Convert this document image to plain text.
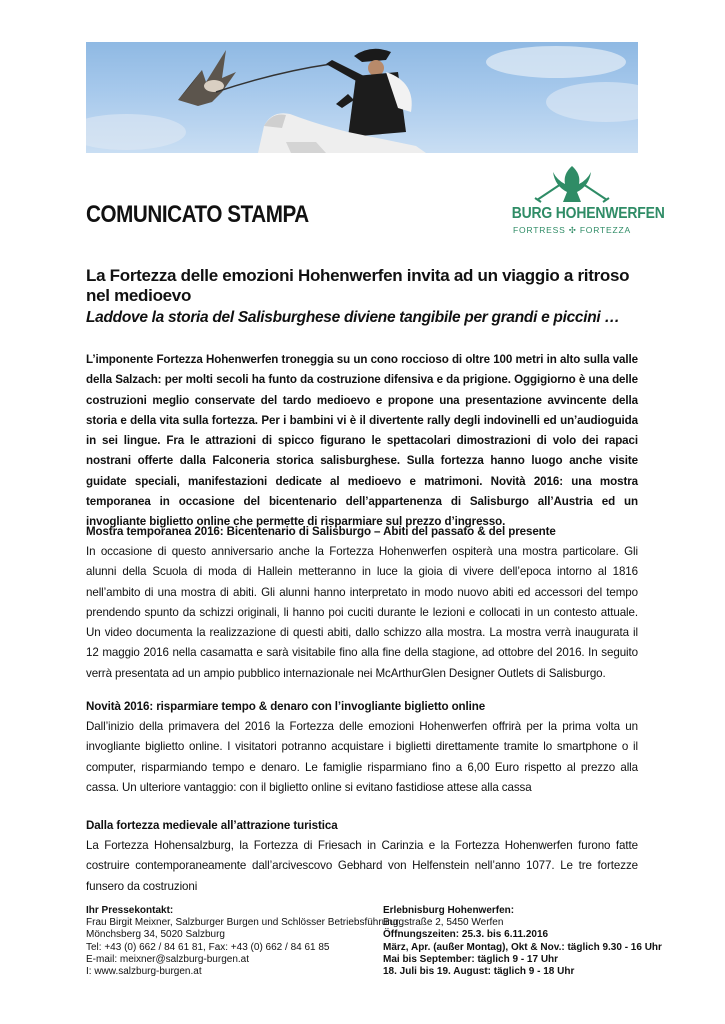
COMUNICATO STAMPA	BURG HOHENWERFEN
FORTRESS ✣ FORTEZZA

La Fortezza delle emozioni Hohenwerfen invita ad un viaggio a ritroso nel medioevo

Laddove la storia del Salisburghese diviene tangibile per grandi e piccini …

L’imponente Fortezza Hohenwerfen troneggia su un cono roccioso di oltre 100 metri in alto sulla valle della Salzach: per molti secoli ha funto da costruzione difensiva e da prigione. Oggigiorno è una delle costruzioni meglio conservate del tardo medioevo e propone una presentazione avvincente della storia e della vita sulla fortezza. Per i bambini vi è il divertente rally degli indovinelli ed un’audioguida in sei lingue. Fra le attrazioni di spicco figurano le spettacolari dimostrazioni di volo dei rapaci nostrani offerte dalla Falconeria storica salisburghese. Sulla fortezza hanno luogo anche visite guidate speciali, manifestazioni dedicate al medioevo e matrimoni. Novità 2016: una mostra temporanea in occasione del bicentenario dell’appartenenza di Salisburgo all’Austria ed un invogliante biglietto online che permette di risparmiare sul prezzo d’ingresso.

Mostra temporanea 2016: Bicentenario di Salisburgo – Abiti del passato & del presente

In occasione di questo anniversario anche la Fortezza Hohenwerfen ospiterà una mostra particolare. Gli alunni della Scuola di moda di Hallein metteranno in luce la gioia di vivere dell’epoca intorno al 1816 nell’ambito di una mostra di abiti. Gli alunni hanno interpretato in modo nuovo abiti ed accessori del tempo prendendo spunto da schizzi originali, li hanno poi cuciti durante le lezioni e collocati in un contesto attuale. Un video documenta la realizzazione di questi abiti, dallo schizzo alla mostra. La mostra verrà inaugurata il 12 maggio 2016 nella casamatta e sarà visitabile fino alla fine della stagione, ad ottobre del 2016. In seguito verrà presentata ad un ampio pubblico internazionale nei McArthurGlen Designer Outlets di Salisburgo.

Novità 2016: risparmiare tempo & denaro con l’invogliante biglietto online

Dall’inizio della primavera del 2016 la Fortezza delle emozioni Hohenwerfen offrirà per la prima volta un invogliante biglietto online. I visitatori potranno acquistare i biglietti direttamente tramite lo smartphone o il computer, risparmiando tempo e denaro. Le famiglie risparmiano fino a 6,00 Euro rispetto al prezzo alla cassa. Un ulteriore vantaggio: con il biglietto online si evitano fastidiose attese alla cassa

Dalla fortezza medievale all’attrazione turistica

La Fortezza Hohensalzburg, la Fortezza di Friesach in Carinzia e la Fortezza Hohenwerfen furono fatte costruire contemporaneamente dall’arcivescovo Gebhard von Helfenstein nell’anno 1077. Le tre fortezze funsero da costruzioni

Ihr Pressekontakt:

Frau Birgit Meixner, Salzburger Burgen und Schlösser Betriebsführung

Mönchsberg 34, 5020 Salzburg

Tel: +43 (0) 662 / 84 61 81, Fax: +43 (0) 662 / 84 61 85

E-mail: meixner@salzburg-burgen.at

I: www.salzburg-burgen.at

Erlebnisburg Hohenwerfen:

Burgstraße 2, 5450 Werfen

Öffnungszeiten: 25.3. bis 6.11.2016

März, Apr. (außer Montag), Okt & Nov.: täglich 9.30 - 16 Uhr

Mai bis September: täglich 9 - 17 Uhr

18. Juli bis 19. August: täglich 9 - 18 Uhr
